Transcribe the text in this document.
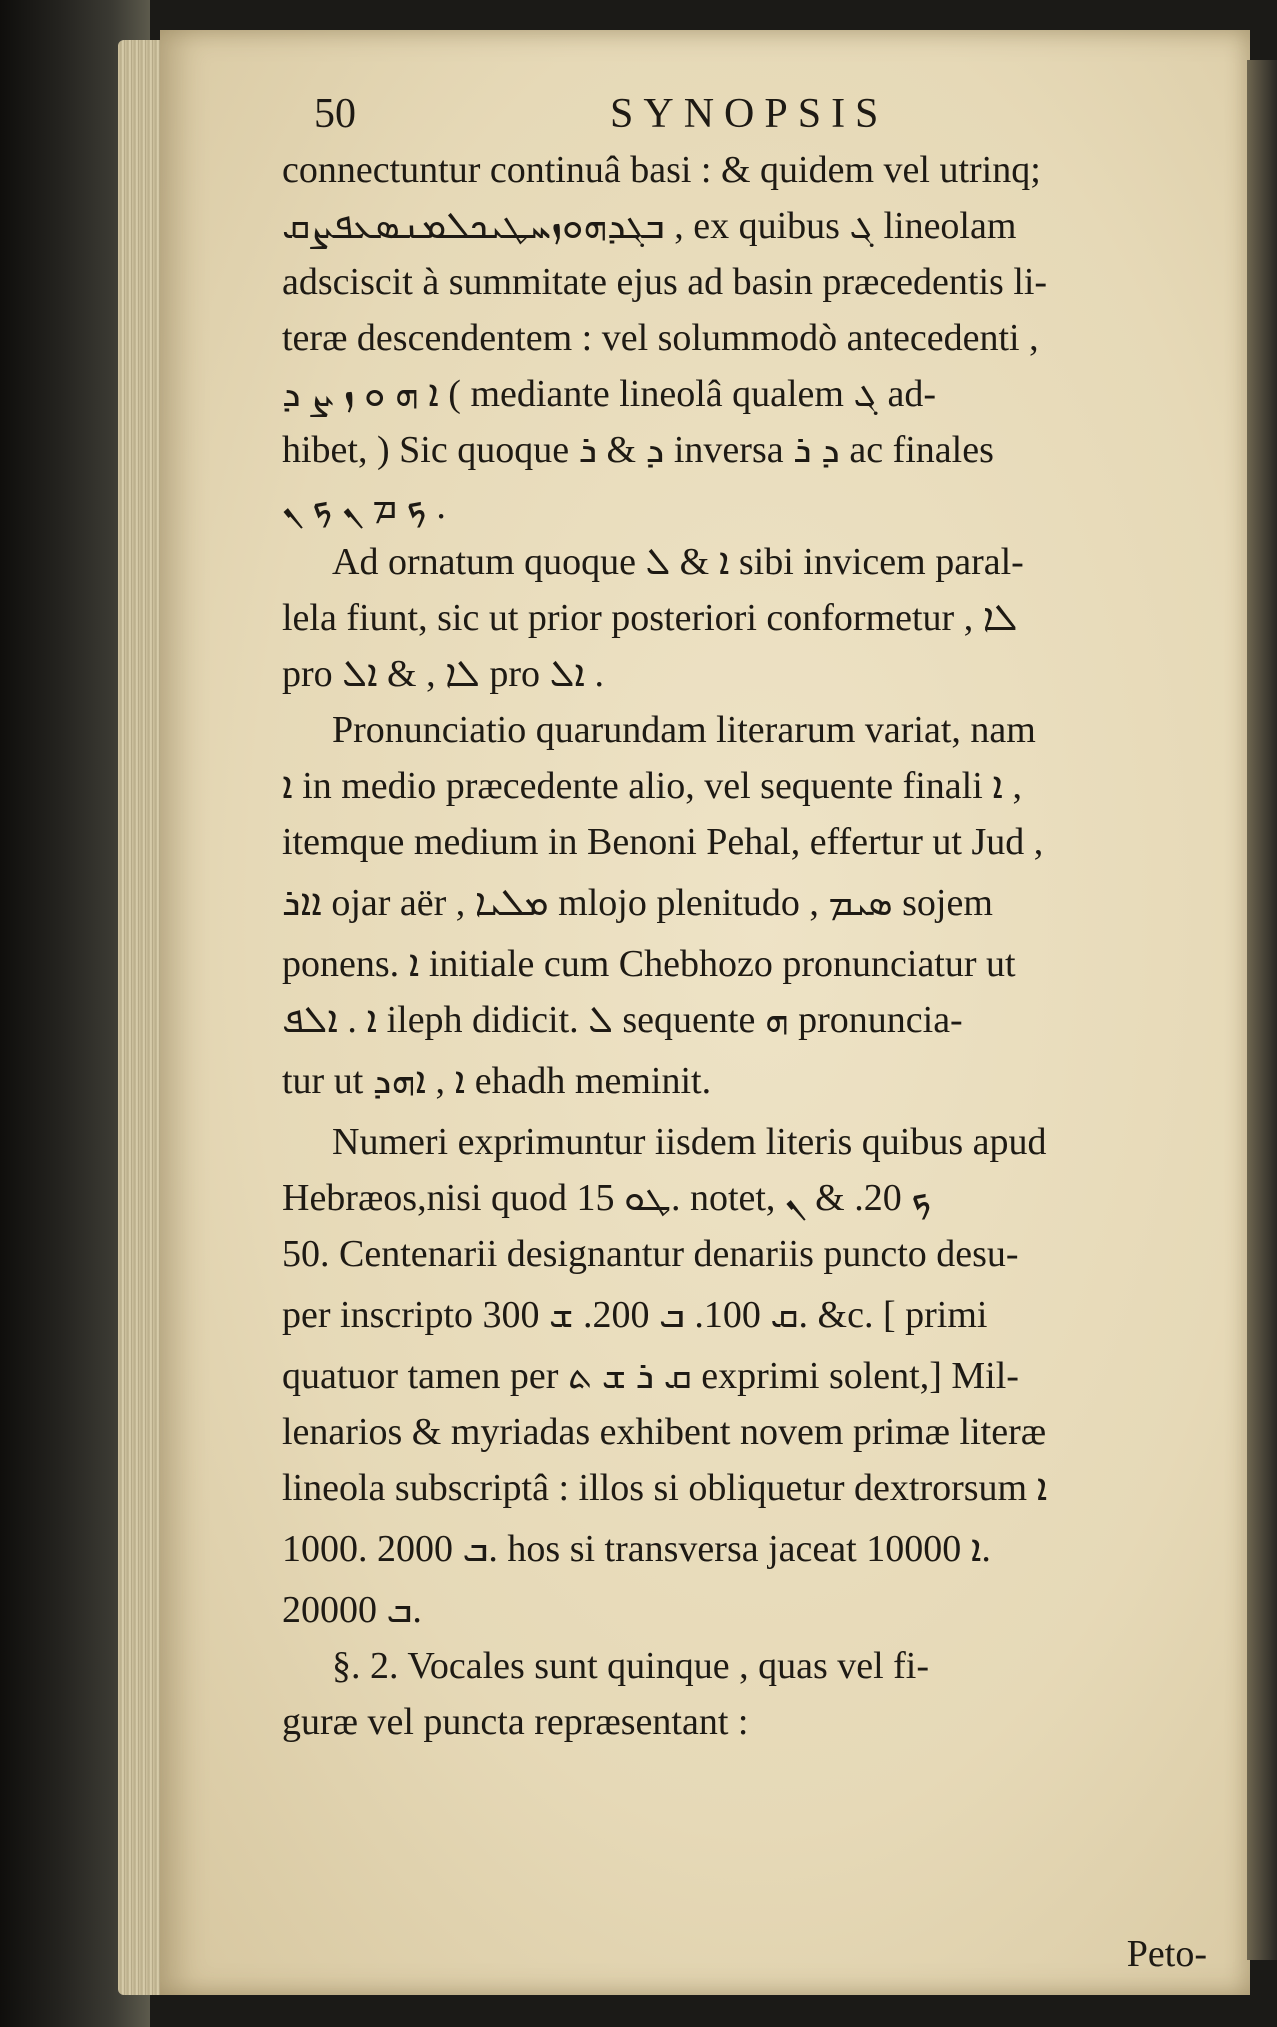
50	SYNOPSIS
connectuntur continuâ basi : & quidem vel utrinq;
ܒܓܕܗܘܙܚܛܝܟܠܡܢܣܥܦܨܩ , ex quibus ܓ lineolam
adsciscit à summitate ejus ad basin præcedentis li-
teræ descendentem : vel solummodò antecedenti ,
ܐ ܗ ܘ ܙ ܨ ܕ ( mediante lineolâ qualem ܓ ad-
hibet, ) Sic quoque ܕ & ܪ inversa ܕ ܪ ac finales
ܟ ܡ ܢ ܟ ܢ .
Ad ornatum quoque ܐ & ܠ sibi invicem paral-
lela fiunt, sic ut prior posteriori conformetur , ܠܐ
pro ܠܐ , & ܐܠ pro ܐܠ .
Pronunciatio quarundam literarum variat, nam
ܐ in medio præcedente alio, vel sequente finali ܐ ,
itemque medium in Benoni Pehal, effertur ut Jud ,
ܐܐܪ ojar aër , ܡܠܝܐ mlojo plenitudo , ܣܝܡ sojem
ponens. ܐ initiale cum Chebhozo pronunciatur ut
ܐ . ܐܠܦ ileph didicit. ܠ sequente ܗ pronuncia-
tur ut ܐ , ܐܗܕ ehadh meminit.
Numeri exprimuntur iisdem literis quibus apud
Hebræos,nisi quod ܛܘ 15. notet, ܟ 20. & ܢ
50. Centenarii designantur denariis puncto desu-
per inscripto ܩ 100. ܒ 200. ܫ 300. &c. [ primi
quatuor tamen per ܩ ܪ ܫ ܬ exprimi solent,] Mil-
lenarios & myriadas exhibent novem primæ literæ
lineola subscriptâ : illos si obliquetur dextrorsum ܐ
1000. ܒ 2000. hos si transversa jaceat ܐ 10000.
ܒ 20000.
§. 2. Vocales sunt quinque , quas vel fi-
guræ vel puncta repræsentant :
Peto-
